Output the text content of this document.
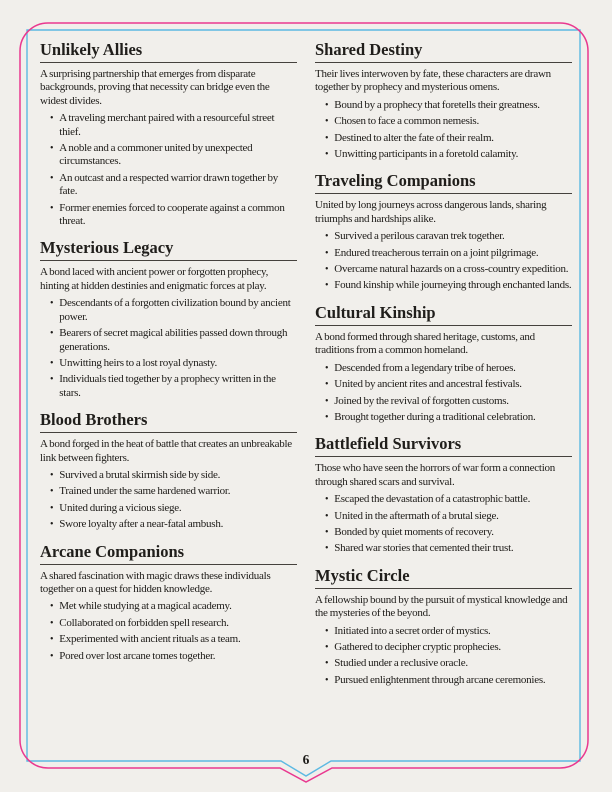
Unlikely Allies

A surprising partnership that emerges from disparate backgrounds, proving that necessity can bridge even the widest divides.

• A traveling merchant paired with a resourceful street thief.
• A noble and a commoner united by unexpected circumstances.
• An outcast and a respected warrior drawn together by fate.
• Former enemies forced to cooperate against a common threat.
Mysterious Legacy

A bond laced with ancient power or forgotten prophecy, hinting at hidden destinies and enigmatic forces at play.

• Descendants of a forgotten civilization bound by ancient power.
• Bearers of secret magical abilities passed down through generations.
• Unwitting heirs to a lost royal dynasty.
• Individuals tied together by a prophecy written in the stars.
Blood Brothers

A bond forged in the heat of battle that creates an unbreakable link between fighters.

• Survived a brutal skirmish side by side.
• Trained under the same hardened warrior.
• United during a vicious siege.
• Swore loyalty after a near-fatal ambush.
Arcane Companions

A shared fascination with magic draws these individuals together on a quest for hidden knowledge.

• Met while studying at a magical academy.
• Collaborated on forbidden spell research.
• Experimented with ancient rituals as a team.
• Pored over lost arcane tomes together.
Shared Destiny

Their lives interwoven by fate, these characters are drawn together by prophecy and mysterious omens.

• Bound by a prophecy that foretells their greatness.
• Chosen to face a common nemesis.
• Destined to alter the fate of their realm.
• Unwitting participants in a foretold calamity.
Traveling Companions

United by long journeys across dangerous lands, sharing triumphs and hardships alike.

• Survived a perilous caravan trek together.
• Endured treacherous terrain on a joint pilgrimage.
• Overcame natural hazards on a cross-country expedition.
• Found kinship while journeying through enchanted lands.
Cultural Kinship

A bond formed through shared heritage, customs, and traditions from a common homeland.

• Descended from a legendary tribe of heroes.
• United by ancient rites and ancestral festivals.
• Joined by the revival of forgotten customs.
• Brought together during a traditional celebration.
Battlefield Survivors

Those who have seen the horrors of war form a connection through shared scars and survival.

• Escaped the devastation of a catastrophic battle.
• United in the aftermath of a brutal siege.
• Bonded by quiet moments of recovery.
• Shared war stories that cemented their trust.
Mystic Circle

A fellowship bound by the pursuit of mystical knowledge and the mysteries of the beyond.

• Initiated into a secret order of mystics.
• Gathered to decipher cryptic prophecies.
• Studied under a reclusive oracle.
• Pursued enlightenment through arcane ceremonies.
6
